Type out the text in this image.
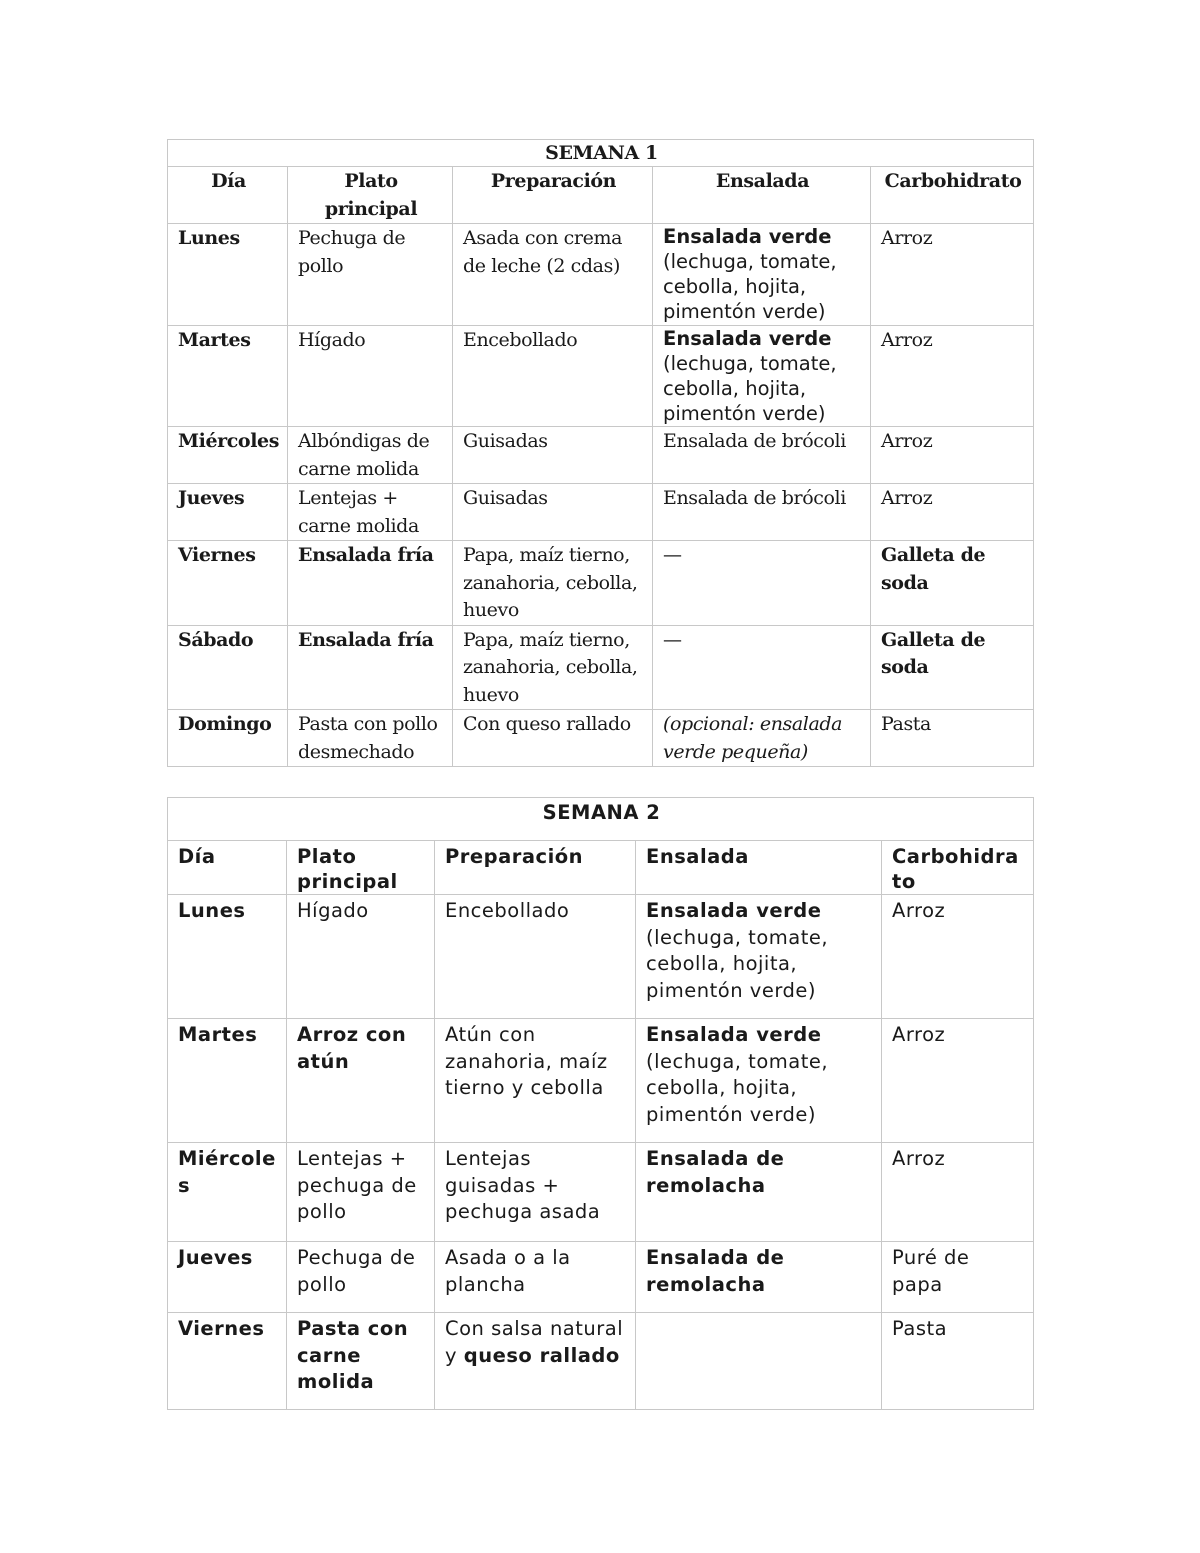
SEMANA 1				
Día	Plato principal	Preparación	Ensalada	Carbohidrato
Lunes	Pechuga de pollo	Asada con crema de leche (2 cdas)	Ensalada verde (lechuga, tomate, cebolla, hojita, pimentón verde)	Arroz
Martes	Hígado	Encebollado	Ensalada verde (lechuga, tomate, cebolla, hojita, pimentón verde)	Arroz
Miércoles	Albóndigas de carne molida	Guisadas	Ensalada de brócoli	Arroz
Jueves	Lentejas + carne molida	Guisadas	Ensalada de brócoli	Arroz
Viernes	Ensalada fría	Papa, maíz tierno, zanahoria, cebolla, huevo	—	Galleta de soda
Sábado	Ensalada fría	Papa, maíz tierno, zanahoria, cebolla, huevo	—	Galleta de soda
Domingo	Pasta con pollo desmechado	Con queso rallado	(opcional: ensalada verde pequeña)	Pasta
SEMANA 2				
Día	Plato principal	Preparación	Ensalada	Carbohidrato
Lunes	Hígado	Encebollado	Ensalada verde (lechuga, tomate, cebolla, hojita, pimentón verde)	Arroz
Martes	Arroz con atún	Atún con zanahoria, maíz tierno y cebolla	Ensalada verde (lechuga, tomate, cebolla, hojita, pimentón verde)	Arroz
Miércoles	Lentejas + pechuga de pollo	Lentejas guisadas + pechuga asada	Ensalada de remolacha	Arroz
Jueves	Pechuga de pollo	Asada o a la plancha	Ensalada de remolacha	Puré de papa
Viernes	Pasta con carne molida	Con salsa natural y queso rallado		Pasta
